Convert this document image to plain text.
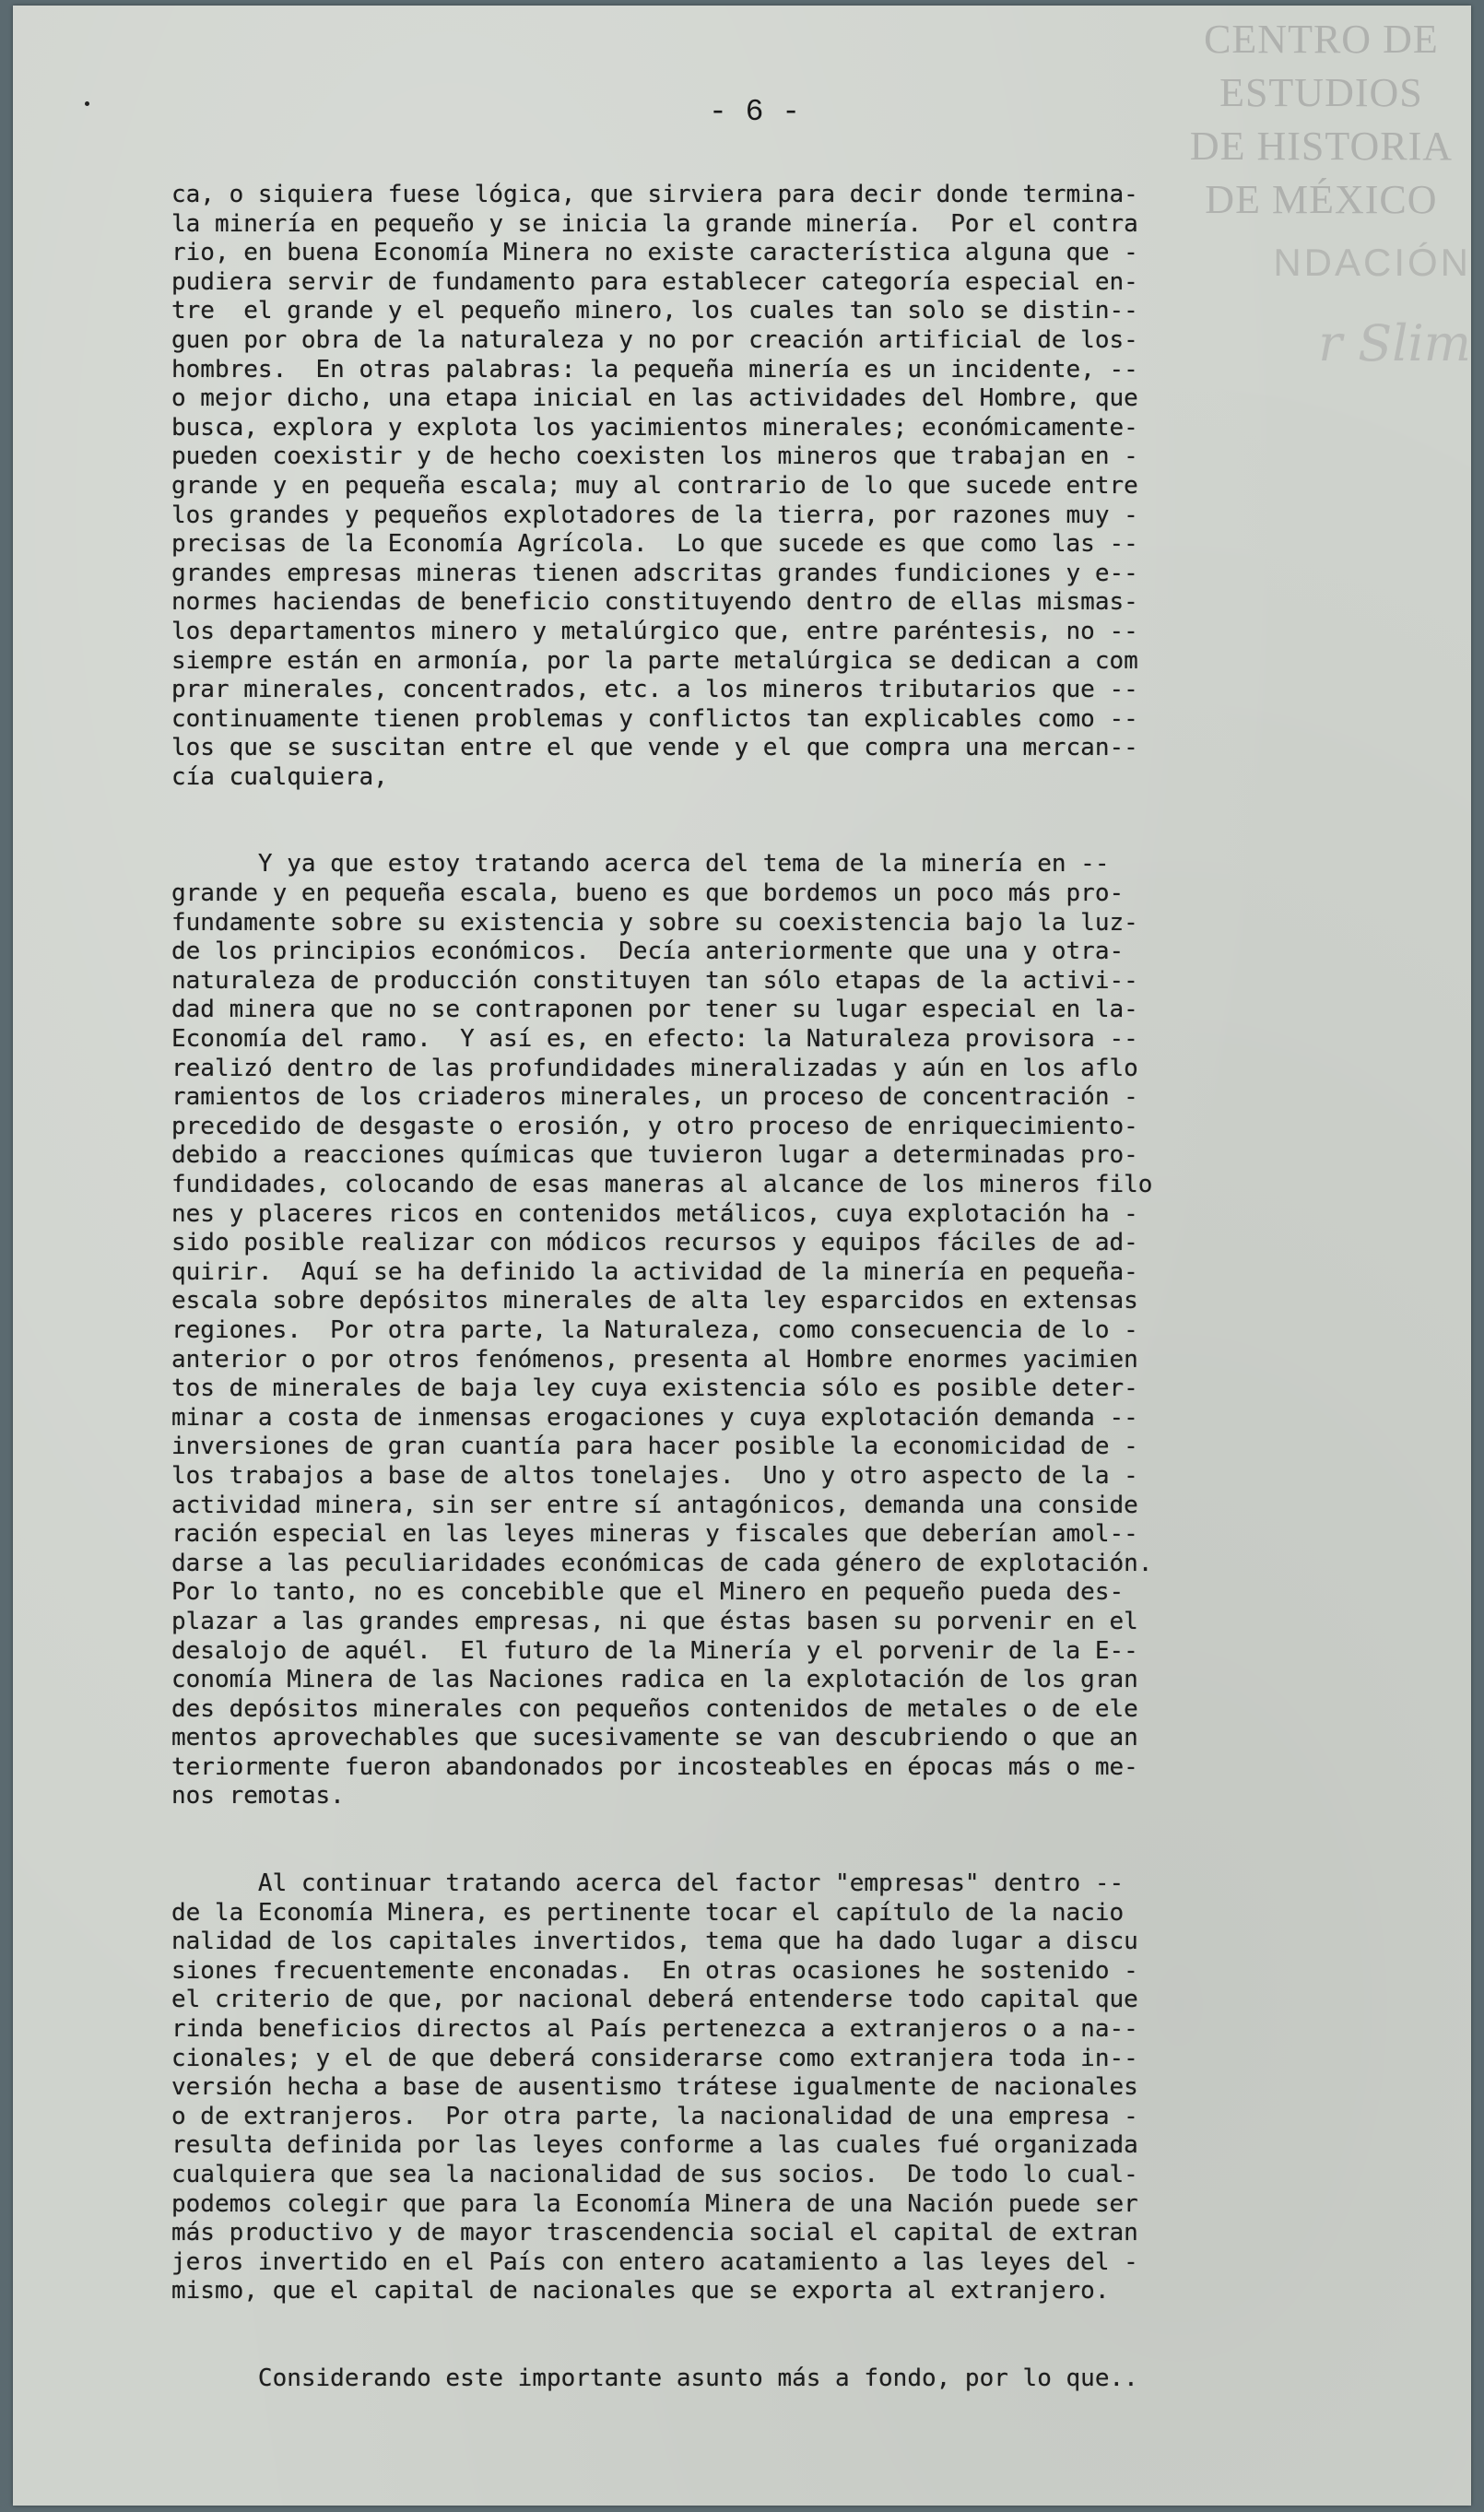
CENTRO DE
ESTUDIOS
DE HISTORIA
DE MÉXICO
NDACIÓN
r Slim
- 6 -
ca, o siquiera fuese lógica, que sirviera para decir donde termina-
la minería en pequeño y se inicia la grande minería.  Por el contra
rio, en buena Economía Minera no existe característica alguna que -
pudiera servir de fundamento para establecer categoría especial en-
tre  el grande y el pequeño minero, los cuales tan solo se distin--
guen por obra de la naturaleza y no por creación artificial de los-
hombres.  En otras palabras: la pequeña minería es un incidente, --
o mejor dicho, una etapa inicial en las actividades del Hombre, que
busca, explora y explota los yacimientos minerales; económicamente-
pueden coexistir y de hecho coexisten los mineros que trabajan en -
grande y en pequeña escala; muy al contrario de lo que sucede entre
los grandes y pequeños explotadores de la tierra, por razones muy -
precisas de la Economía Agrícola.  Lo que sucede es que como las --
grandes empresas mineras tienen adscritas grandes fundiciones y e--
normes haciendas de beneficio constituyendo dentro de ellas mismas-
los departamentos minero y metalúrgico que, entre paréntesis, no --
siempre están en armonía, por la parte metalúrgica se dedican a com
prar minerales, concentrados, etc. a los mineros tributarios que --
continuamente tienen problemas y conflictos tan explicables como --
los que se suscitan entre el que vende y el que compra una mercan--
cía cualquiera,
Y ya que estoy tratando acerca del tema de la minería en --
grande y en pequeña escala, bueno es que bordemos un poco más pro-
fundamente sobre su existencia y sobre su coexistencia bajo la luz-
de los principios económicos.  Decía anteriormente que una y otra-
naturaleza de producción constituyen tan sólo etapas de la activi--
dad minera que no se contraponen por tener su lugar especial en la-
Economía del ramo.  Y así es, en efecto: la Naturaleza provisora --
realizó dentro de las profundidades mineralizadas y aún en los aflo
ramientos de los criaderos minerales, un proceso de concentración -
precedido de desgaste o erosión, y otro proceso de enriquecimiento-
debido a reacciones químicas que tuvieron lugar a determinadas pro-
fundidades, colocando de esas maneras al alcance de los mineros filo
nes y placeres ricos en contenidos metálicos, cuya explotación ha -
sido posible realizar con módicos recursos y equipos fáciles de ad-
quirir.  Aquí se ha definido la actividad de la minería en pequeña-
escala sobre depósitos minerales de alta ley esparcidos en extensas
regiones.  Por otra parte, la Naturaleza, como consecuencia de lo -
anterior o por otros fenómenos, presenta al Hombre enormes yacimien
tos de minerales de baja ley cuya existencia sólo es posible deter-
minar a costa de inmensas erogaciones y cuya explotación demanda --
inversiones de gran cuantía para hacer posible la economicidad de -
los trabajos a base de altos tonelajes.  Uno y otro aspecto de la -
actividad minera, sin ser entre sí antagónicos, demanda una conside
ración especial en las leyes mineras y fiscales que deberían amol--
darse a las peculiaridades económicas de cada género de explotación.
Por lo tanto, no es concebible que el Minero en pequeño pueda des-
plazar a las grandes empresas, ni que éstas basen su porvenir en el
desalojo de aquél.  El futuro de la Minería y el porvenir de la E--
conomía Minera de las Naciones radica en la explotación de los gran
des depósitos minerales con pequeños contenidos de metales o de ele
mentos aprovechables que sucesivamente se van descubriendo o que an
teriormente fueron abandonados por incosteables en épocas más o me-
nos remotas.
Al continuar tratando acerca del factor "empresas" dentro --
de la Economía Minera, es pertinente tocar el capítulo de la nacio
nalidad de los capitales invertidos, tema que ha dado lugar a discu
siones frecuentemente enconadas.  En otras ocasiones he sostenido -
el criterio de que, por nacional deberá entenderse todo capital que
rinda beneficios directos al País pertenezca a extranjeros o a na--
cionales; y el de que deberá considerarse como extranjera toda in--
versión hecha a base de ausentismo trátese igualmente de nacionales
o de extranjeros.  Por otra parte, la nacionalidad de una empresa -
resulta definida por las leyes conforme a las cuales fué organizada
cualquiera que sea la nacionalidad de sus socios.  De todo lo cual-
podemos colegir que para la Economía Minera de una Nación puede ser
más productivo y de mayor trascendencia social el capital de extran
jeros invertido en el País con entero acatamiento a las leyes del -
mismo, que el capital de nacionales que se exporta al extranjero.
Considerando este importante asunto más a fondo, por lo que..
